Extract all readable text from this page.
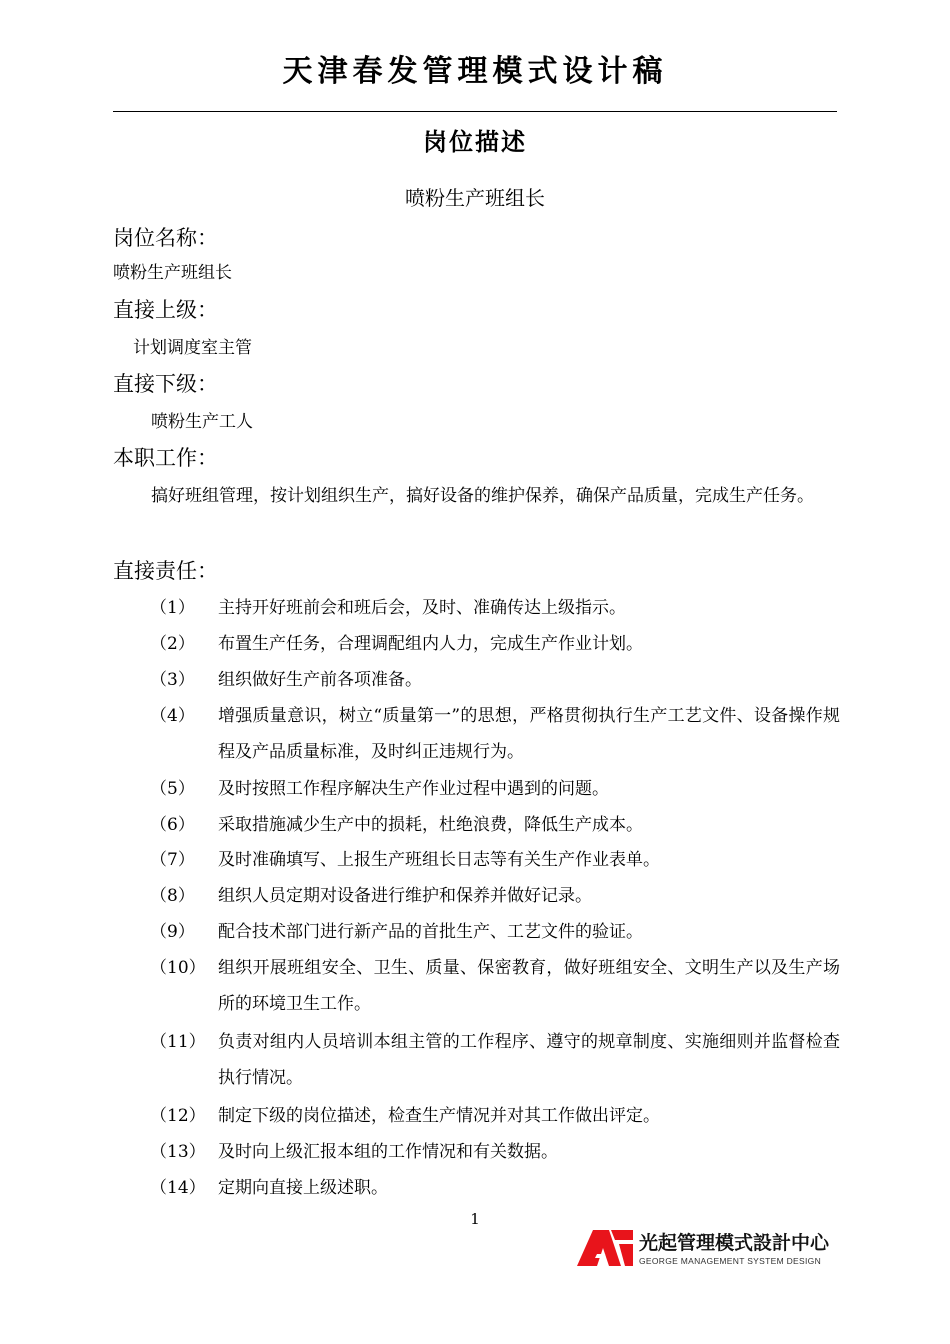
天津春发管理模式设计稿
岗位描述
喷粉生产班组长
岗位名称：
喷粉生产班组长
直接上级：
计划调度室主管
直接下级：
喷粉生产工人
本职工作：
搞好班组管理，按计划组织生产，搞好设备的维护保养，确保产品质量，完成生产任务。
直接责任：
（1）	主持开好班前会和班后会，及时、准确传达上级指示。
（2）	布置生产任务，合理调配组内人力，完成生产作业计划。
（3）	组织做好生产前各项准备。
（4）	增强质量意识，树立“质量第一”的思想，严格贯彻执行生产工艺文件、设备操作规程及产品质量标准，及时纠正违规行为。
（5）	及时按照工作程序解决生产作业过程中遇到的问题。
（6）	采取措施减少生产中的损耗，杜绝浪费，降低生产成本。
（7）	及时准确填写、上报生产班组长日志等有关生产作业表单。
（8）	组织人员定期对设备进行维护和保养并做好记录。
（9）	配合技术部门进行新产品的首批生产、工艺文件的验证。
（10） 组织开展班组安全、卫生、质量、保密教育，做好班组安全、文明生产以及生产场所的环境卫生工作。
（11） 负责对组内人员培训本组主管的工作程序、遵守的规章制度、实施细则并监督检查执行情况。
（12） 制定下级的岗位描述，检查生产情况并对其工作做出评定。
（13） 及时向上级汇报本组的工作情况和有关数据。
（14） 定期向直接上级述职。
1
光起管理模式設計中心
GEORGE MANAGEMENT SYSTEM DESIGN
